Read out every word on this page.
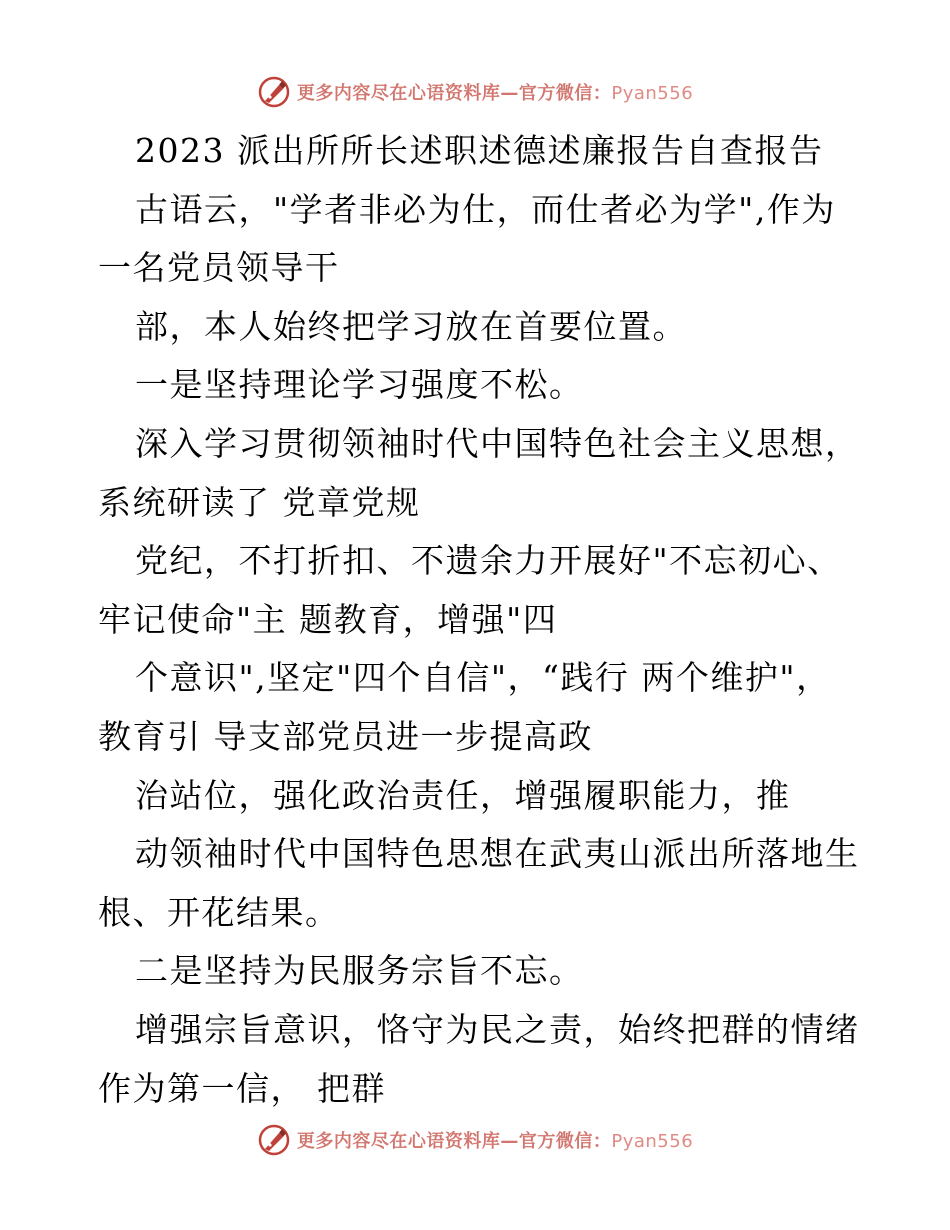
更多内容尽在心语资料库—官方微信：Pyan556
2023 派出所所长述职述德述廉报告自查报告
古语云，"学者非必为仕，而仕者必为学",作为
一名党员领导干
部，本人始终把学习放在首要位置。
一是坚持理论学习强度不松。
深入学习贯彻领袖时代中国特色社会主义思想，
系统研读了 党章党规
党纪，不打折扣、不遗余力开展好"不忘初心、
牢记使命"主 题教育，增强"四
个意识",坚定"四个自信"，“践行 两个维护"，
教育引 导支部党员进一步提高政
治站位，强化政治责任，增强履职能力，推
动领袖时代中国特色思想在武夷山派出所落地生
根、开花结果。
二是坚持为民服务宗旨不忘。
增强宗旨意识，恪守为民之责，始终把群的情绪
作为第一信， 把群
更多内容尽在心语资料库—官方微信：Pyan556
